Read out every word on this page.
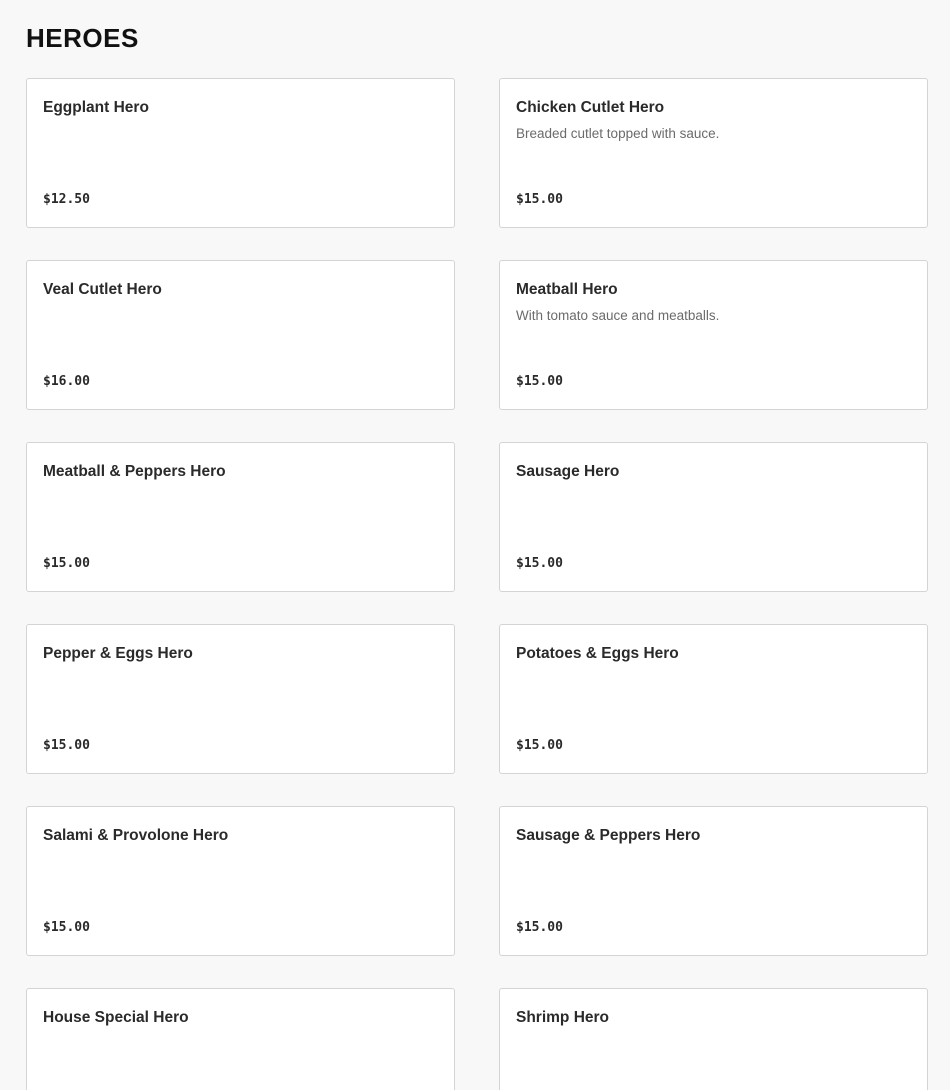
HEROES
Eggplant Hero
$12.50
Chicken Cutlet Hero
Breaded cutlet topped with sauce.
$15.00
Veal Cutlet Hero
$16.00
Meatball Hero
With tomato sauce and meatballs.
$15.00
Meatball & Peppers Hero
$15.00
Sausage Hero
$15.00
Pepper & Eggs Hero
$15.00
Potatoes & Eggs Hero
$15.00
Salami & Provolone Hero
$15.00
Sausage & Peppers Hero
$15.00
House Special Hero	Shrimp Hero
